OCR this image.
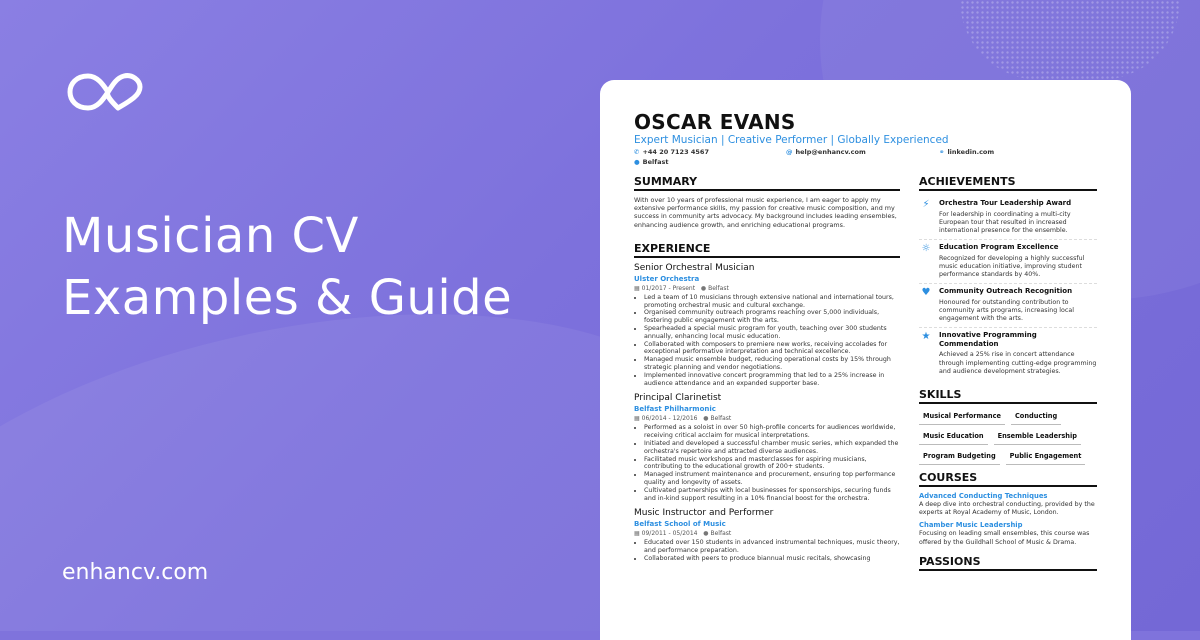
Musician CV
Examples & Guide
enhancv.com
OSCAR EVANS
Expert Musician | Creative Performer | Globally Experienced
✆ +44 20 7123 4567	@ help@enhancv.com	⚭ linkedin.com
● Belfast
SUMMARY

With over 10 years of professional music experience, I am eager to apply my extensive performance skills, my passion for creative music composition, and my success in community arts advocacy. My background includes leading ensembles, enhancing audience growth, and enriching educational programs.

EXPERIENCE
Senior Orchestral Musician
Ulster Orchestra
▦ 01/2017 - Present ● Belfast
• Led a team of 10 musicians through extensive national and international tours, promoting orchestral music and cultural exchange.
• Organised community outreach programs reaching over 5,000 individuals, fostering public engagement with the arts.
• Spearheaded a special music program for youth, teaching over 300 students annually, enhancing local music education.
• Collaborated with composers to premiere new works, receiving accolades for exceptional performative interpretation and technical excellence.
• Managed music ensemble budget, reducing operational costs by 15% through strategic planning and vendor negotiations.
• Implemented innovative concert programming that led to a 25% increase in audience attendance and an expanded supporter base.
Principal Clarinetist
Belfast Philharmonic
▦ 06/2014 - 12/2016 ● Belfast
• Performed as a soloist in over 50 high-profile concerts for audiences worldwide, receiving critical acclaim for musical interpretations.
• Initiated and developed a successful chamber music series, which expanded the orchestra's repertoire and attracted diverse audiences.
• Facilitated music workshops and masterclasses for aspiring musicians, contributing to the educational growth of 200+ students.
• Managed instrument maintenance and procurement, ensuring top performance quality and longevity of assets.
• Cultivated partnerships with local businesses for sponsorships, securing funds and in-kind support resulting in a 10% financial boost for the orchestra.
Music Instructor and Performer
Belfast School of Music
▦ 09/2011 - 05/2014 ● Belfast
• Educated over 150 students in advanced instrumental techniques, music theory, and performance preparation.
• Collaborated with peers to produce biannual music recitals, showcasing
ACHIEVEMENTS
⚡	Orchestra Tour Leadership Award

For leadership in coordinating a multi-city European tour that resulted in increased international presence for the ensemble.

☼	Education Program Excellence

Recognized for developing a highly successful music education initiative, improving student performance standards by 40%.

♥	Community Outreach Recognition

Honoured for outstanding contribution to community arts programs, increasing local engagement with the arts.

★	Innovative Programming Commendation

Achieved a 25% rise in concert attendance through implementing cutting-edge programming and audience development strategies.

SKILLS
Musical Performance	Conducting
Music Education	Ensemble Leadership
Program Budgeting	Public Engagement
COURSES
Advanced Conducting Techniques

A deep dive into orchestral conducting, provided by the experts at Royal Academy of Music, London.

Chamber Music Leadership

Focusing on leading small ensembles, this course was offered by the Guildhall School of Music & Drama.

PASSIONS
